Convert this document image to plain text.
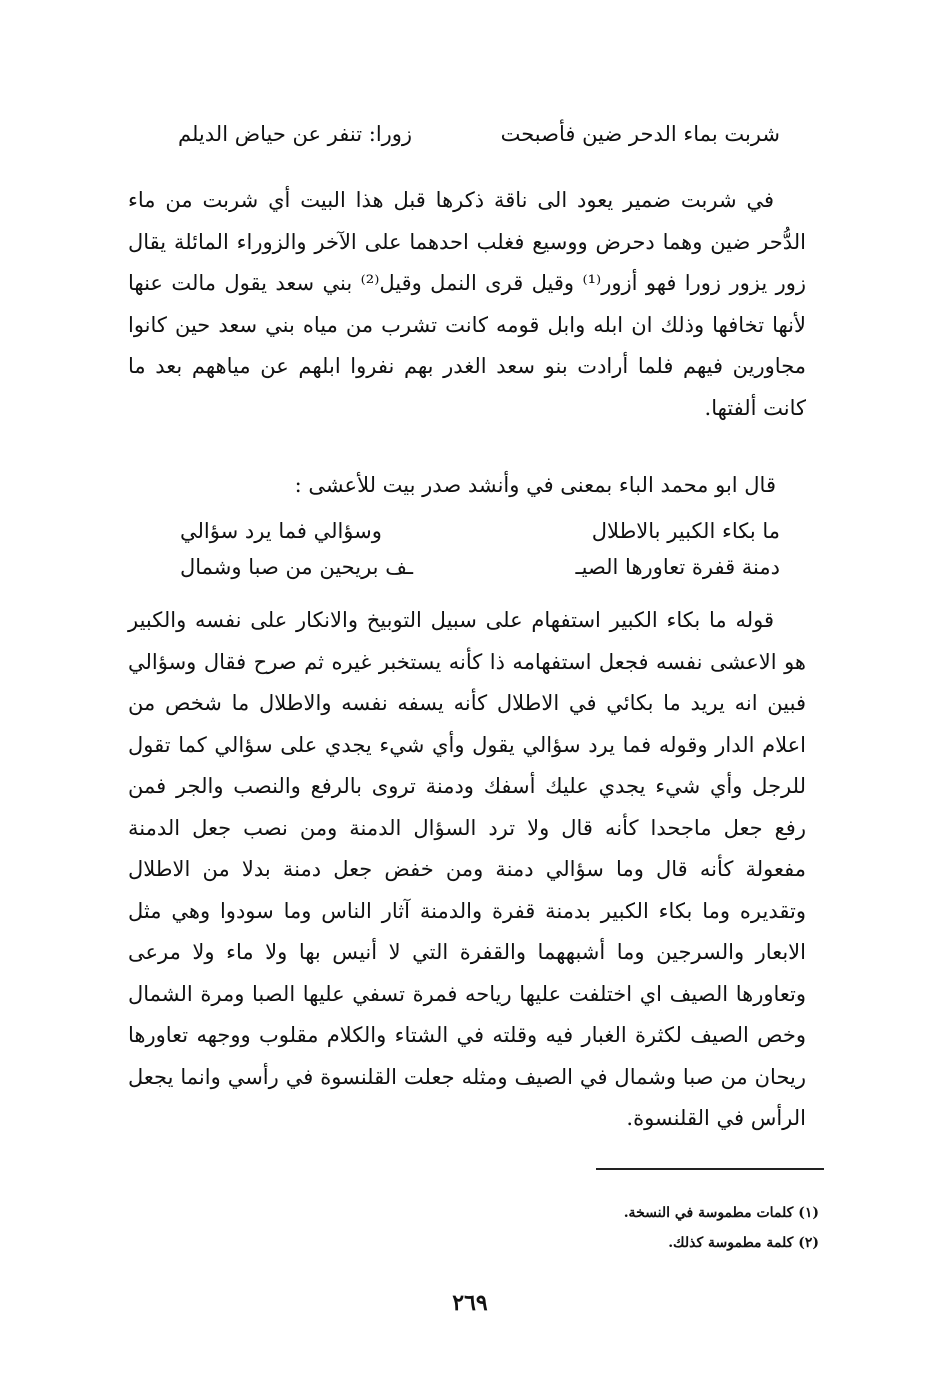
شربت بماء الدحر ضين فأصبحت
زورا: تنفر عن حياض الديلم

في شربت ضمير يعود الى ناقة ذكرها قبل هذا البيت أي شربت من ماء الدُّحر ضين وهما دحرض ووسيع فغلب احدهما على الآخر والزوراء المائلة يقال زور يزور زورا فهو أزور⁽¹⁾ وقيل قرى النمل وقيل⁽²⁾ بني سعد يقول مالت عنها لأنها تخافها وذلك ان ابله وابل قومه كانت تشرب من مياه بني سعد حين كانوا مجاورين فيهم فلما أرادت بنو سعد الغدر بهم نفروا ابلهم عن مياههم بعد ما كانت ألفتها.

قال ابو محمد الباء بمعنى في وأنشد صدر بيت للأعشى :
ما بكاء الكبير بالاطلال
وسؤالي فما يرد سؤالي
دمنة قفرة تعاورها الصيـ
ـف بريحين من صبا وشمال

قوله ما بكاء الكبير استفهام على سبيل التوبيخ والانكار على نفسه والكبير هو الاعشى نفسه فجعل استفهامه ذا كأنه يستخبر غيره ثم صرح فقال وسؤالي فبين انه يريد ما بكائي في الاطلال كأنه يسفه نفسه والاطلال ما شخص من اعلام الدار وقوله فما يرد سؤالي يقول وأي شيء يجدي على سؤالي كما تقول للرجل وأي شيء يجدي عليك أسفك ودمنة تروى بالرفع والنصب والجر فمن رفع جعل ماجحدا كأنه قال ولا ترد السؤال الدمنة ومن نصب جعل الدمنة مفعولة كأنه قال وما سؤالي دمنة ومن خفض جعل دمنة بدلا من الاطلال وتقديره وما بكاء الكبير بدمنة قفرة والدمنة آثار الناس وما سودوا وهي مثل الابعار والسرجين وما أشبههما والقفرة التي لا أنيس بها ولا ماء ولا مرعى وتعاورها الصيف اي اختلفت عليها رياحه فمرة تسفي عليها الصبا ومرة الشمال وخص الصيف لكثرة الغبار فيه وقلته في الشتاء والكلام مقلوب ووجهه تعاورها ريحان من صبا وشمال في الصيف ومثله جعلت القلنسوة في رأسي وانما يجعل الرأس في القلنسوة.

(١) كلمات مطموسة في النسخة.
(٢) كلمة مطموسة كذلك.
٢٦٩
